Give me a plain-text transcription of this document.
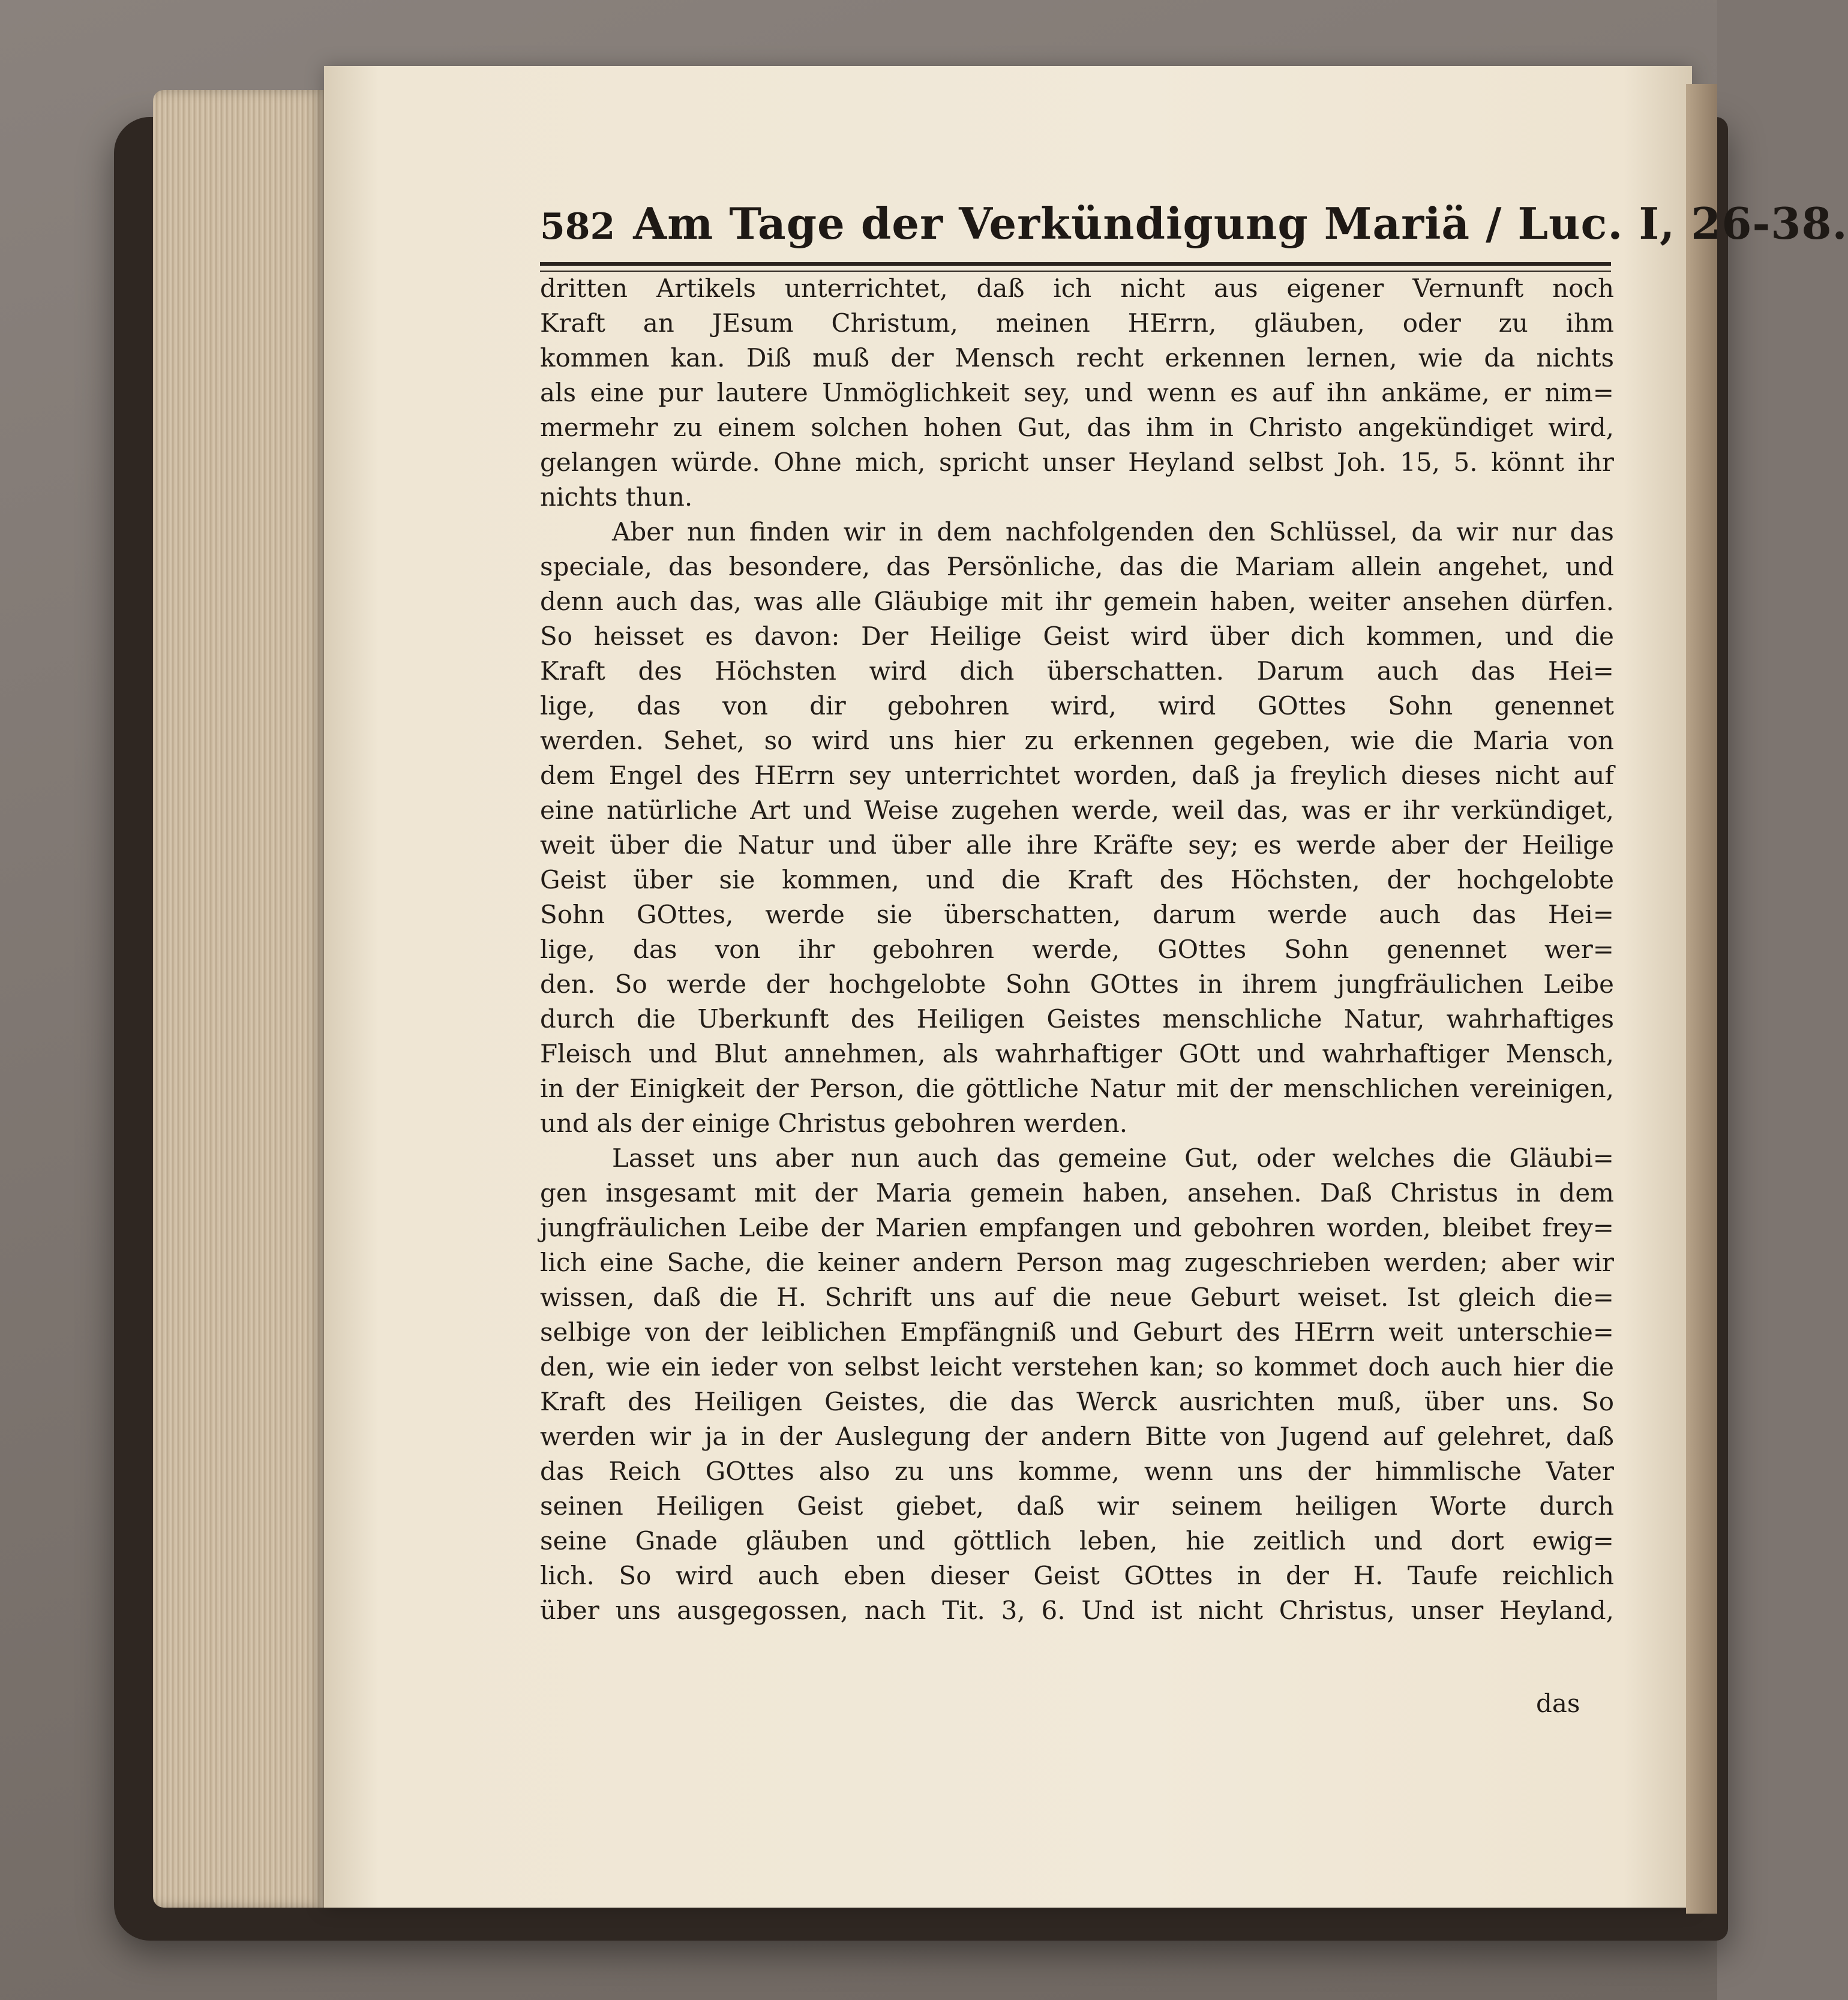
582 Am Tage der Verkündigung Mariä / Luc. I, 26-38.
dritten Artikels unterrichtet, daß ich nicht aus eigener Vernunft noch
Kraft an JEsum Christum, meinen HErrn, gläuben, oder zu ihm
kommen kan. Diß muß der Mensch recht erkennen lernen, wie da nichts
als eine pur lautere Unmöglichkeit sey, und wenn es auf ihn ankäme, er nim=
mermehr zu einem solchen hohen Gut, das ihm in Christo angekündiget wird,
gelangen würde. Ohne mich, spricht unser Heyland selbst Joh. 15, 5. könnt ihr
nichts thun.
Aber nun finden wir in dem nachfolgenden den Schlüssel, da wir nur das
speciale, das besondere, das Persönliche, das die Mariam allein angehet, und
denn auch das, was alle Gläubige mit ihr gemein haben, weiter ansehen dürfen.
So heisset es davon: Der Heilige Geist wird über dich kommen, und die
Kraft des Höchsten wird dich überschatten. Darum auch das Hei=
lige, das von dir gebohren wird, wird GOttes Sohn genennet
werden. Sehet, so wird uns hier zu erkennen gegeben, wie die Maria von
dem Engel des HErrn sey unterrichtet worden, daß ja freylich dieses nicht auf
eine natürliche Art und Weise zugehen werde, weil das, was er ihr verkündiget,
weit über die Natur und über alle ihre Kräfte sey; es werde aber der Heilige
Geist über sie kommen, und die Kraft des Höchsten, der hochgelobte
Sohn GOttes, werde sie überschatten, darum werde auch das Hei=
lige, das von ihr gebohren werde, GOttes Sohn genennet wer=
den. So werde der hochgelobte Sohn GOttes in ihrem jungfräulichen Leibe
durch die Uberkunft des Heiligen Geistes menschliche Natur, wahrhaftiges
Fleisch und Blut annehmen, als wahrhaftiger GOtt und wahrhaftiger Mensch,
in der Einigkeit der Person, die göttliche Natur mit der menschlichen vereinigen,
und als der einige Christus gebohren werden.
Lasset uns aber nun auch das gemeine Gut, oder welches die Gläubi=
gen insgesamt mit der Maria gemein haben, ansehen. Daß Christus in dem
jungfräulichen Leibe der Marien empfangen und gebohren worden, bleibet frey=
lich eine Sache, die keiner andern Person mag zugeschrieben werden; aber wir
wissen, daß die H. Schrift uns auf die neue Geburt weiset. Ist gleich die=
selbige von der leiblichen Empfängniß und Geburt des HErrn weit unterschie=
den, wie ein ieder von selbst leicht verstehen kan; so kommet doch auch hier die
Kraft des Heiligen Geistes, die das Werck ausrichten muß, über uns. So
werden wir ja in der Auslegung der andern Bitte von Jugend auf gelehret, daß
das Reich GOttes also zu uns komme, wenn uns der himmlische Vater
seinen Heiligen Geist giebet, daß wir seinem heiligen Worte durch
seine Gnade gläuben und göttlich leben, hie zeitlich und dort ewig=
lich. So wird auch eben dieser Geist GOttes in der H. Taufe reichlich
über uns ausgegossen, nach Tit. 3, 6. Und ist nicht Christus, unser Heyland,
das
